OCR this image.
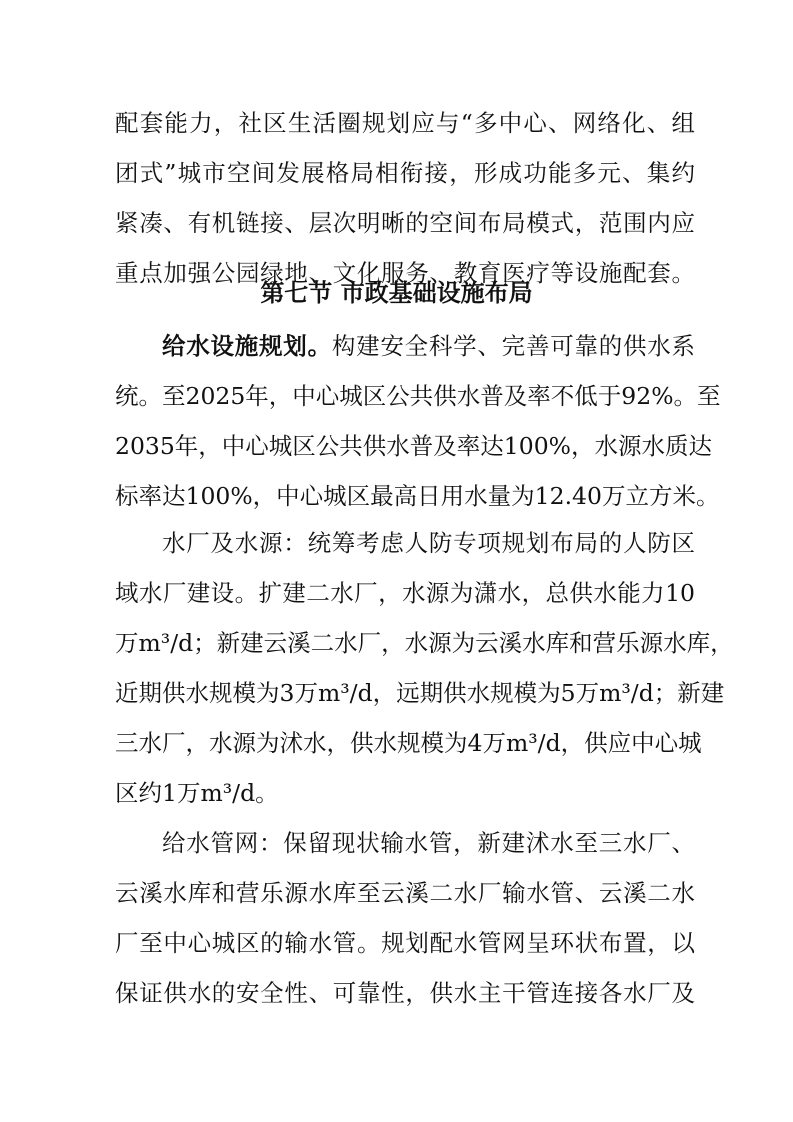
配套能力，社区生活圈规划应与“多中心、网络化、组
团式”城市空间发展格局相衔接，形成功能多元、集约
紧凑、有机链接、层次明晰的空间布局模式，范围内应
重点加强公园绿地、文化服务、教育医疗等设施配套。
第七节 市政基础设施布局
给水设施规划。构建安全科学、完善可靠的供水系
统。至2025年，中心城区公共供水普及率不低于92%。至
2035年，中心城区公共供水普及率达100%，水源水质达
标率达100%，中心城区最高日用水量为12.40万立方米。
水厂及水源：统筹考虑人防专项规划布局的人防区
域水厂建设。扩建二水厂，水源为潇水，总供水能力10
万m³/d；新建云溪二水厂，水源为云溪水库和营乐源水库，
近期供水规模为3万m³/d，远期供水规模为5万m³/d；新建
三水厂，水源为沭水，供水规模为4万m³/d，供应中心城
区约1万m³/d。
给水管网：保留现状输水管，新建沭水至三水厂、
云溪水库和营乐源水库至云溪二水厂输水管、云溪二水
厂至中心城区的输水管。规划配水管网呈环状布置，以
保证供水的安全性、可靠性，供水主干管连接各水厂及
